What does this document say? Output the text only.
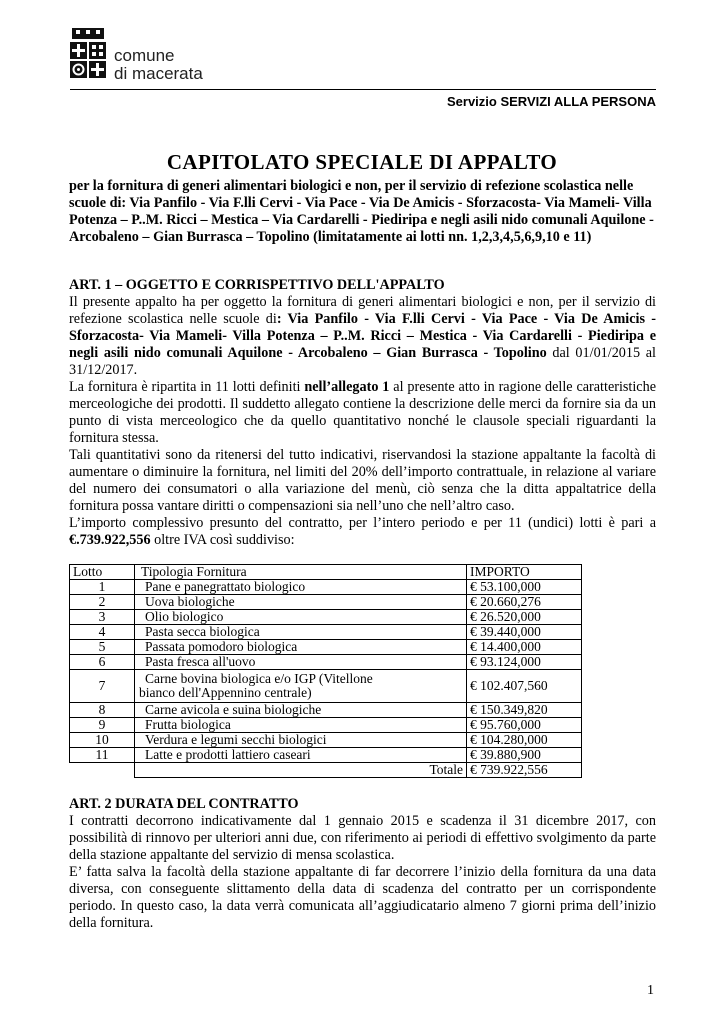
comune
di macerata
Servizio SERVIZI ALLA PERSONA
CAPITOLATO SPECIALE DI APPALTO
per la fornitura di generi alimentari biologici e non, per il servizio di refezione scolastica nelle scuole di: Via Panfilo - Via F.lli Cervi - Via Pace - Via De Amicis - Sforzacosta- Via Mameli- Villa Potenza – P..M. Ricci – Mestica – Via Cardarelli - Piediripa e negli asili nido comunali Aquilone - Arcobaleno – Gian Burrasca – Topolino (limitatamente ai lotti nn. 1,2,3,4,5,6,9,10 e 11)

ART. 1 – OGGETTO E CORRISPETTIVO DELL'APPALTO

Il presente appalto ha per oggetto la fornitura di generi alimentari biologici e non, per il servizio di refezione scolastica nelle scuole di: Via Panfilo - Via F.lli Cervi - Via Pace - Via De Amicis - Sforzacosta- Via Mameli- Villa Potenza – P..M. Ricci – Mestica - Via Cardarelli - Piediripa e negli asili nido comunali Aquilone - Arcobaleno – Gian Burrasca - Topolino dal 01/01/2015 al 31/12/2017.

La fornitura è ripartita in 11 lotti definiti nell’allegato 1 al presente atto in ragione delle caratteristiche merceologiche dei prodotti. Il suddetto allegato contiene la descrizione delle merci da fornire sia da un punto di vista merceologico che da quello quantitativo nonché le clausole speciali riguardanti la fornitura stessa.

Tali quantitativi sono da ritenersi del tutto indicativi, riservandosi la stazione appaltante la facoltà di aumentare o diminuire la fornitura, nel limiti del 20% dell’importo contrattuale, in relazione al variare del numero dei consumatori o alla variazione del menù, ciò senza che la ditta appaltatrice della fornitura possa vantare diritti o compensazioni sia nell’uno che nell’altro caso.

L’importo complessivo presunto del contratto, per l’intero periodo e per 11 (undici) lotti è pari a €.739.922,556 oltre IVA così suddiviso:

Lotto	Tipologia Fornitura	IMPORTO
1	Pane e panegrattato biologico	€ 53.100,000
2	Uova biologiche	€ 20.660,276
3	Olio biologico	€ 26.520,000
4	Pasta secca biologica	€ 39.440,000
5	Passata pomodoro biologica	€ 14.400,000
6	Pasta fresca all'uovo	€ 93.124,000
7	Carne bovina biologica e/o IGP (Vitellone
bianco dell'Appennino centrale)	€ 102.407,560
8	Carne avicola e suina biologiche	€ 150.349,820
9	Frutta biologica	€ 95.760,000
10	Verdura e legumi secchi biologici	€ 104.280,000
11	Latte e prodotti lattiero caseari	€ 39.880,900
	Totale	€ 739.922,556

ART. 2 DURATA DEL CONTRATTO

I contratti decorrono indicativamente dal 1 gennaio 2015 e scadenza il 31 dicembre 2017, con possibilità di rinnovo per ulteriori anni due, con riferimento ai periodi di effettivo svolgimento da parte della stazione appaltante del servizio di mensa scolastica.

E’ fatta salva la facoltà della stazione appaltante di far decorrere l’inizio della fornitura da una data diversa, con conseguente slittamento della data di scadenza del contratto per un corrispondente periodo. In questo caso, la data verrà comunicata all’aggiudicatario almeno 7 giorni prima dell’inizio della fornitura.

1
